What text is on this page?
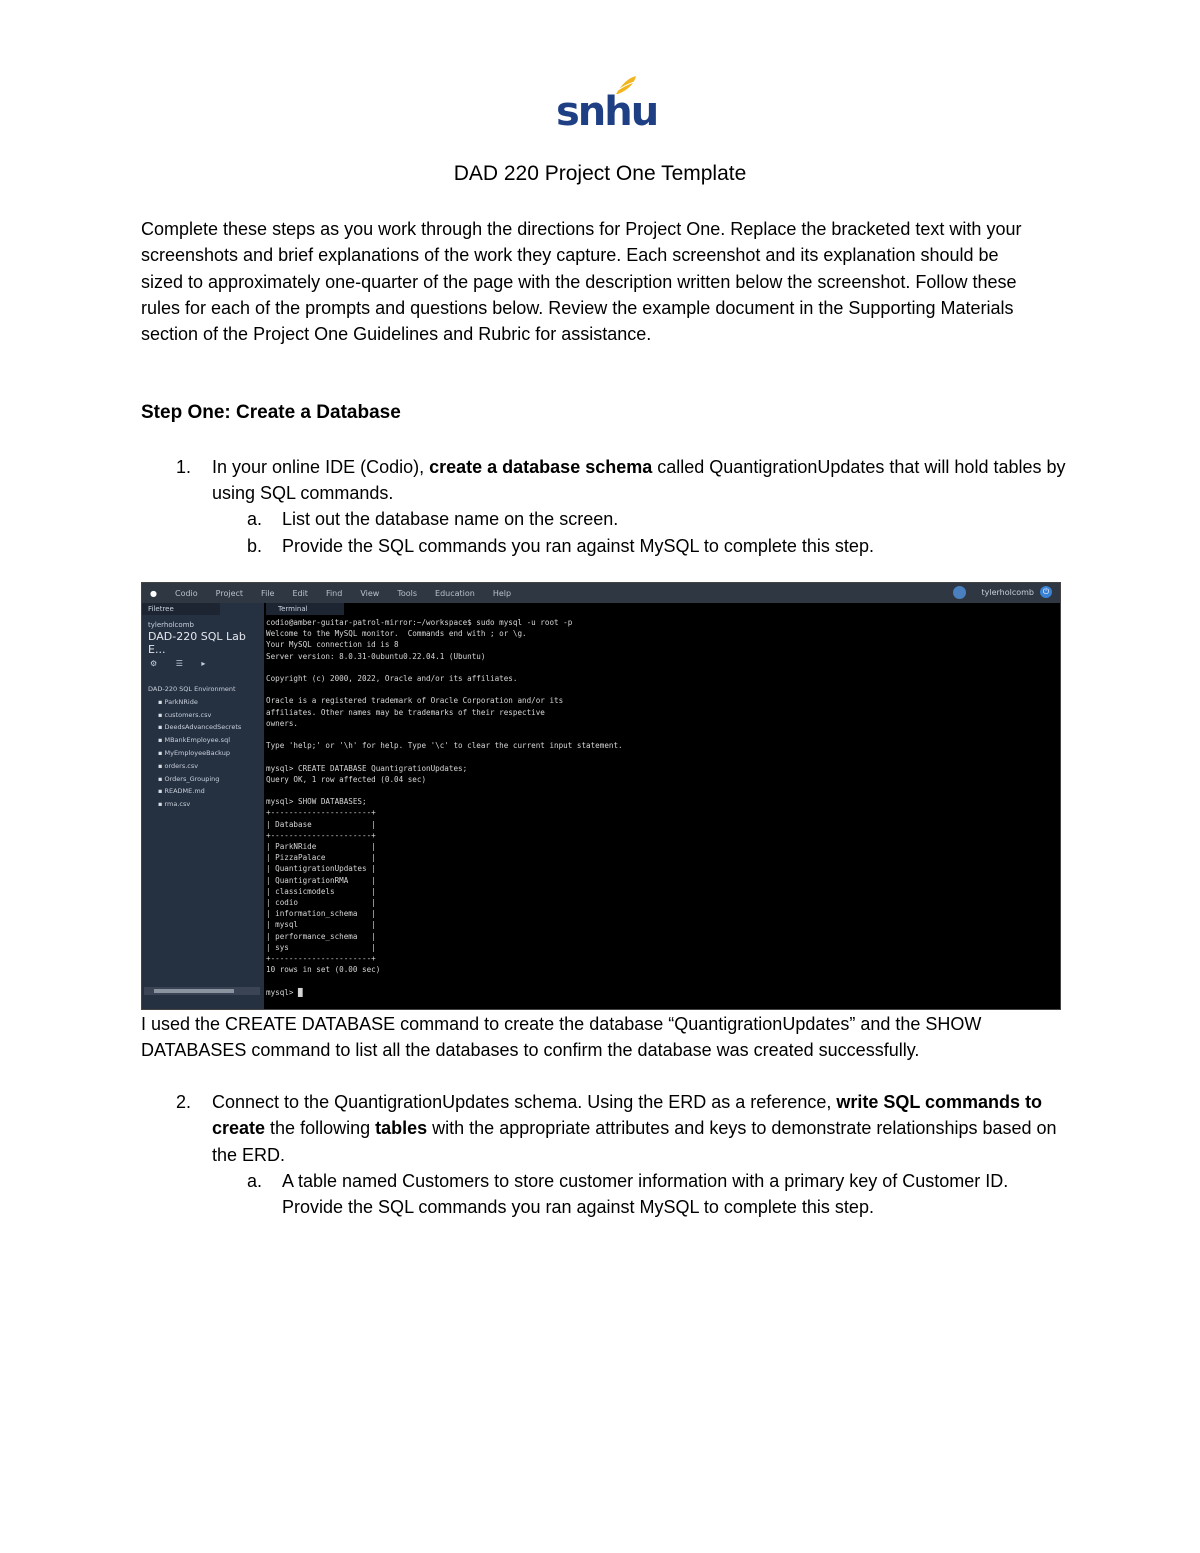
snhu
DAD 220 Project One Template
Complete these steps as you work through the directions for Project One. Replace the bracketed text with your screenshots and brief explanations of the work they capture. Each screenshot and its explanation should be sized to approximately one-quarter of the page with the description written below the screenshot. Follow these rules for each of the prompts and questions below. Review the example document in the Supporting Materials section of the Project One Guidelines and Rubric for assistance.
Step One: Create a Database
1. In your online IDE (Codio), create a database schema called QuantigrationUpdates that will hold tables by using SQL commands.
a. List out the database name on the screen.
b. Provide the SQL commands you ran against MySQL to complete this step.
● Codio Project File Edit Find View Tools Education Help	tylerholcomb	⏻
Filetree
tylerholcomb
DAD-220 SQL Lab E...
⚙ ☰ ▸
DAD-220 SQL Environment
▪ ParkNRide
▪ customers.csv
▪ DeedsAdvancedSecrets
▪ MBankEmployee.sql
▪ MyEmployeeBackup
▪ orders.csv
▪ Orders_Grouping
▪ README.md
▪ rma.csv
Terminal
codio@amber-guitar-patrol-mirror:~/workspace$ sudo mysql -u root -p
Welcome to the MySQL monitor.  Commands end with ; or \g.
Your MySQL connection id is 8
Server version: 8.0.31-0ubuntu0.22.04.1 (Ubuntu)

Copyright (c) 2000, 2022, Oracle and/or its affiliates.

Oracle is a registered trademark of Oracle Corporation and/or its
affiliates. Other names may be trademarks of their respective
owners.

Type 'help;' or '\h' for help. Type '\c' to clear the current input statement.

mysql> CREATE DATABASE QuantigrationUpdates;
Query OK, 1 row affected (0.04 sec)

mysql> SHOW DATABASES;
+----------------------+
| Database             |
+----------------------+
| ParkNRide            |
| PizzaPalace          |
| QuantigrationUpdates |
| QuantigrationRMA     |
| classicmodels        |
| codio                |
| information_schema   |
| mysql                |
| performance_schema   |
| sys                  |
+----------------------+
10 rows in set (0.00 sec)

mysql> █
I used the CREATE DATABASE command to create the database “QuantigrationUpdates” and the SHOW DATABASES command to list all the databases to confirm the database was created successfully.
2. Connect to the QuantigrationUpdates schema. Using the ERD as a reference, write SQL commands to create the following tables with the appropriate attributes and keys to demonstrate relationships based on the ERD.
a. A table named Customers to store customer information with a primary key of Customer ID. Provide the SQL commands you ran against MySQL to complete this step.
